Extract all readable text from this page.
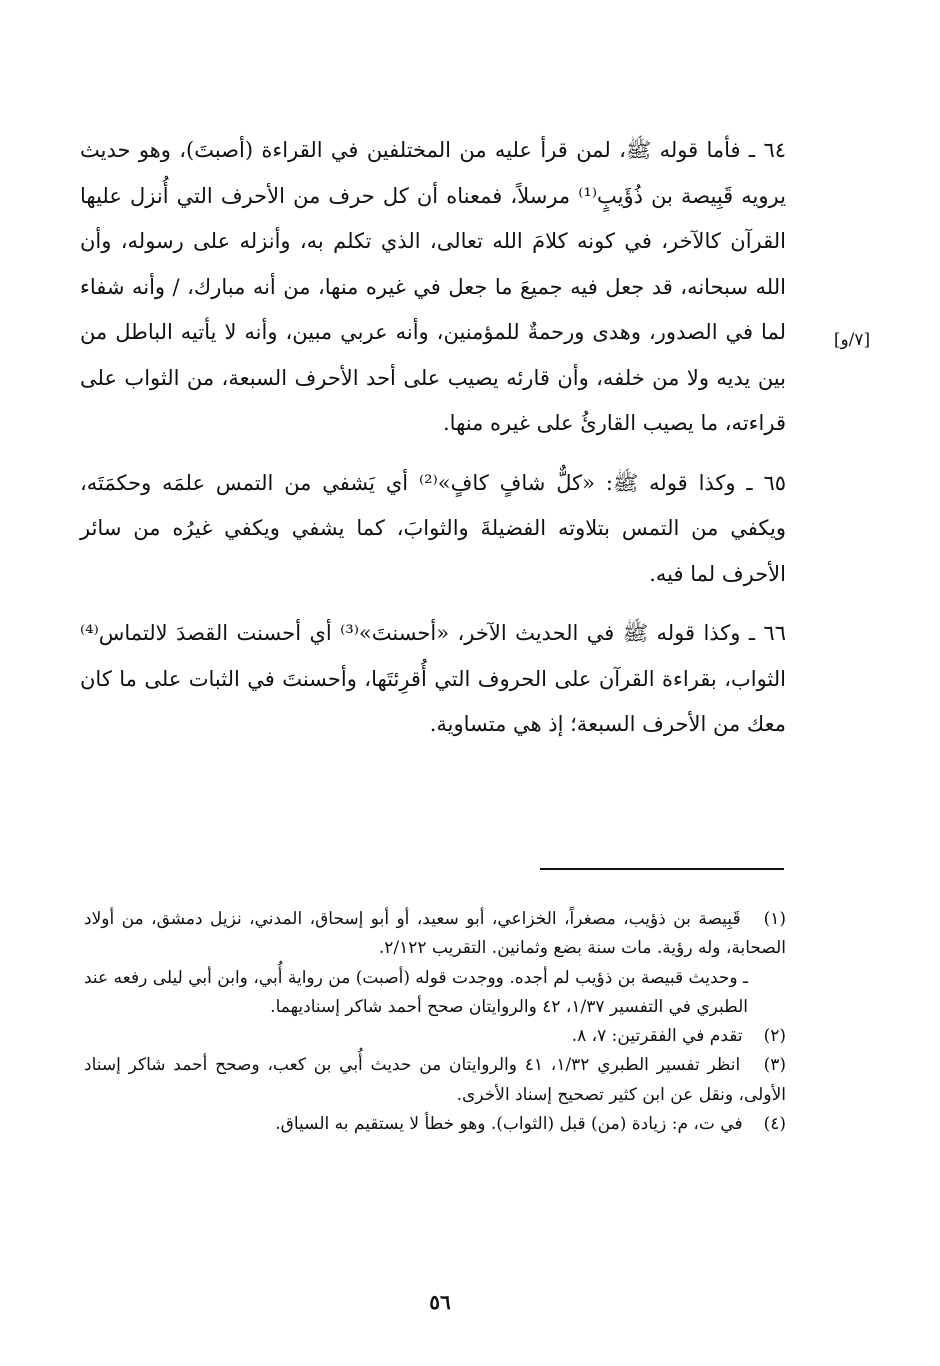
[٧/و]

٦٤ ـ فأما قوله ﷺ، لمن قرأ عليه من المختلفين في القراءة (أصبتَ)، وهو حديث يرويه قَبِيصة بن ذُؤَيبٍ⁽¹⁾ مرسلاً، فمعناه أن كل حرف من الأحرف التي أُنزل عليها القرآن كالآخر، في كونه كلامَ الله تعالى، الذي تكلم به، وأنزله على رسوله، وأن الله سبحانه، قد جعل فيه جميعَ ما جعل في غيره منها، من أنه مبارك، / وأنه شفاء لما في الصدور، وهدى ورحمةٌ للمؤمنين، وأنه عربي مبين، وأنه لا يأتيه الباطل من بين يديه ولا من خلفه، وأن قارئه يصيب على أحد الأحرف السبعة، من الثواب على قراءته، ما يصيب القارئُ على غيره منها.

٦٥ ـ وكذا قوله ﷺ: «كلٌّ شافٍ كافٍ»⁽²⁾ أي يَشفي من التمس علمَه وحكمَتَه، ويكفي من التمس بتلاوته الفضيلةَ والثوابَ، كما يشفي ويكفي غيرُه من سائر الأحرف لما فيه.

٦٦ ـ وكذا قوله ﷺ في الحديث الآخر، «أحسنتَ»⁽³⁾ أي أحسنت القصدَ لالتماس⁽⁴⁾ الثواب، بقراءة القرآن على الحروف التي أُقرِئتَها، وأحسنتَ في الثبات على ما كان معك من الأحرف السبعة؛ إذ هي متساوية.

(١) قَبِيصة بن ذؤيب، مصغراً، الخزاعي، أبو سعيد، أو أبو إسحاق، المدني، نزيل دمشق، من أولاد الصحابة، وله رؤية. مات سنة بضع وثمانين. التقريب ٢/١٢٢.

ـ وحديث قبيصة بن ذؤيب لم أجده. ووجدت قوله (أصبت) من رواية أُبي، وابن أبي ليلى رفعه عند الطبري في التفسير ١/٣٧، ٤٢ والروايتان صحح أحمد شاكر إسناديهما.

(٢) تقدم في الفقرتين: ٧، ٨.

(٣) انظر تفسير الطبري ١/٣٢، ٤١ والروايتان من حديث أُبي بن كعب، وصحح أحمد شاكر إسناد الأولى، ونقل عن ابن كثير تصحيح إسناد الأخرى.

(٤) في ت، م: زيادة (من) قبل (الثواب). وهو خطأ لا يستقيم به السياق.

٥٦
